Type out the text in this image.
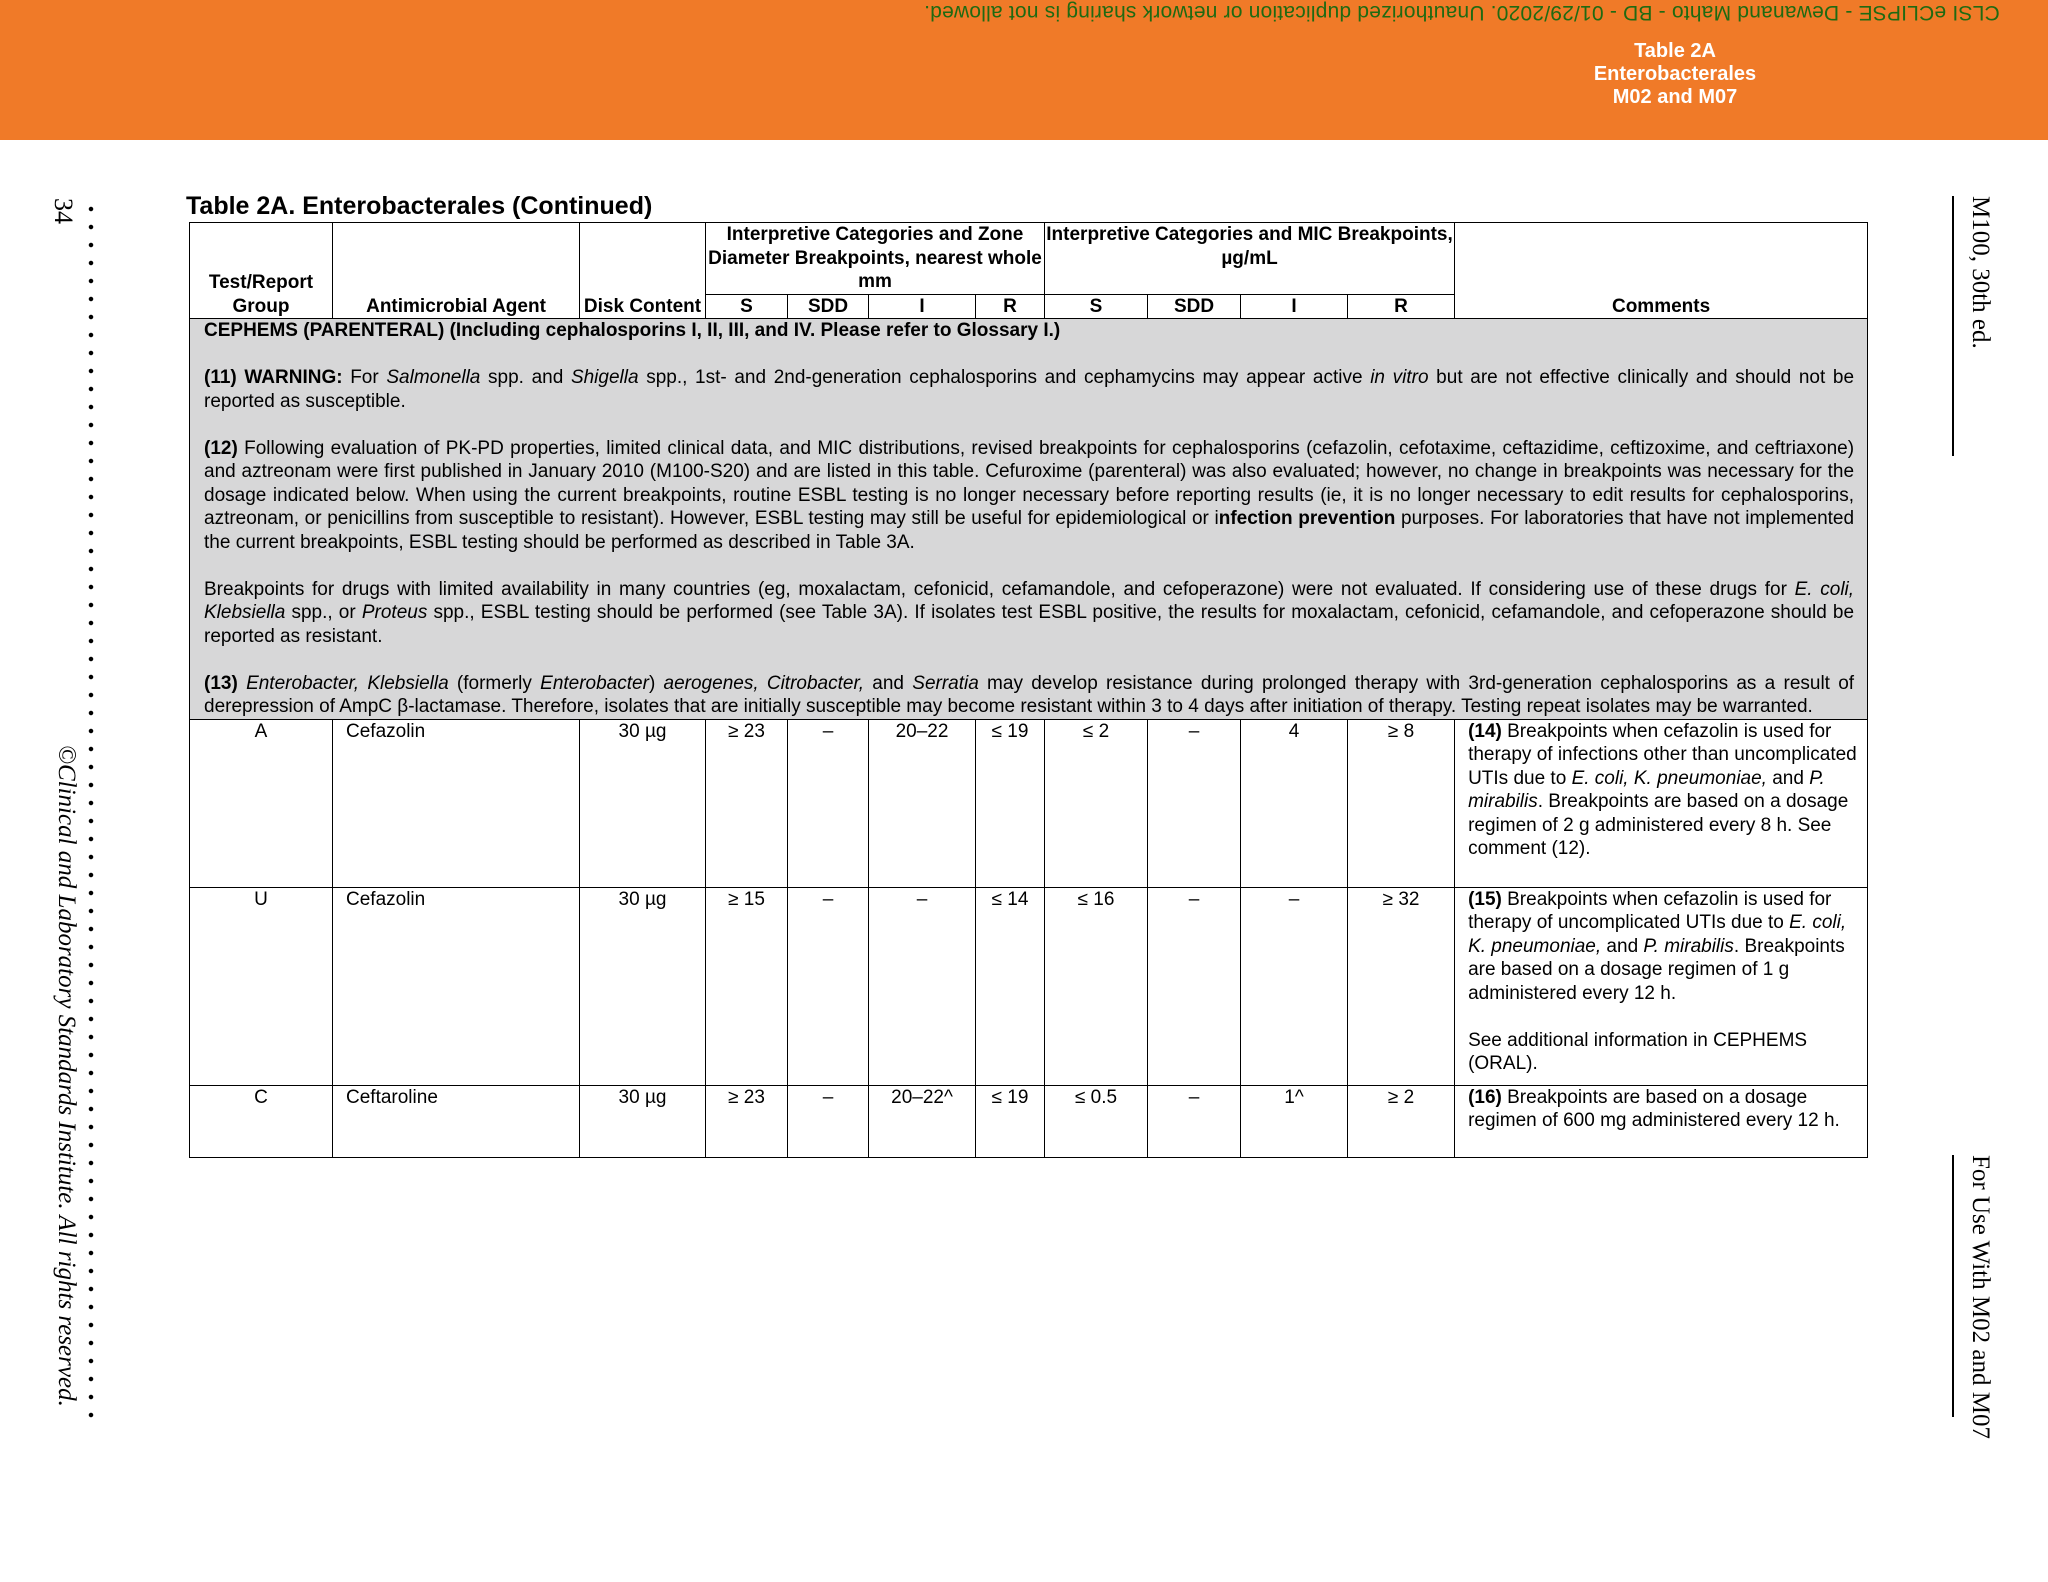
CLSI eCLIPSE - Dewanand Mahto - BD - 01/29/2020. Unauthorized duplication or network sharing is not allowed.
Table 2A
Enterobacterales
M02 and M07
34
©Clinical and Laboratory Standards Institute. All rights reserved.
M100, 30th ed.
For Use With M02 and M07
Table 2A. Enterobacterales (Continued)
Test/Report Group	Antimicrobial Agent	Disk Content	Interpretive Categories and Zone Diameter Breakpoints, nearest whole mm				Interpretive Categories and MIC Breakpoints, µg/mL				Comments
			S	SDD	I	R	S	SDD	I	R	

CEPHEMS (PARENTERAL) (Including cephalosporins I, II, III, and IV. Please refer to Glossary I.)

(11) WARNING: For Salmonella spp. and Shigella spp., 1st- and 2nd-generation cephalosporins and cephamycins may appear active in vitro but are not effective clinically and should not be reported as susceptible.

(12) Following evaluation of PK-PD properties, limited clinical data, and MIC distributions, revised breakpoints for cephalosporins (cefazolin, cefotaxime, ceftazidime, ceftizoxime, and ceftriaxone) and aztreonam were first published in January 2010 (M100-S20) and are listed in this table. Cefuroxime (parenteral) was also evaluated; however, no change in breakpoints was necessary for the dosage indicated below. When using the current breakpoints, routine ESBL testing is no longer necessary before reporting results (ie, it is no longer necessary to edit results for cephalosporins, aztreonam, or penicillins from susceptible to resistant). However, ESBL testing may still be useful for epidemiological or infection prevention purposes. For laboratories that have not implemented the current breakpoints, ESBL testing should be performed as described in Table 3A.

Breakpoints for drugs with limited availability in many countries (eg, moxalactam, cefonicid, cefamandole, and cefoperazone) were not evaluated. If considering use of these drugs for E. coli, Klebsiella spp., or Proteus spp., ESBL testing should be performed (see Table 3A). If isolates test ESBL positive, the results for moxalactam, cefonicid, cefamandole, and cefoperazone should be reported as resistant.

(13) Enterobacter, Klebsiella (formerly Enterobacter) aerogenes, Citrobacter, and Serratia may develop resistance during prolonged therapy with 3rd-generation cephalosporins as a result of derepression of AmpC β-lactamase. Therefore, isolates that are initially susceptible may become resistant within 3 to 4 days after initiation of therapy. Testing repeat isolates may be warranted.											

A	Cefazolin	30 µg	≥ 23	–	20–22	≤ 19	≤ 2	–	4	≥ 8	(14) Breakpoints when cefazolin is used for therapy of infections other than uncomplicated UTIs due to E. coli, K. pneumoniae, and P. mirabilis. Breakpoints are based on a dosage regimen of 2 g administered every 8 h. See comment (12).
U	Cefazolin	30 µg	≥ 15	–	–	≤ 14	≤ 16	–	–	≥ 32	(15) Breakpoints when cefazolin is used for therapy of uncomplicated UTIs due to E. coli, K. pneumoniae, and P. mirabilis. Breakpoints are based on a dosage regimen of 1 g administered every 12 h.

See additional information in CEPHEMS (ORAL).
C	Ceftaroline	30 µg	≥ 23	–	20–22^	≤ 19	≤ 0.5	–	1^	≥ 2	(16) Breakpoints are based on a dosage regimen of 600 mg administered every 12 h.
